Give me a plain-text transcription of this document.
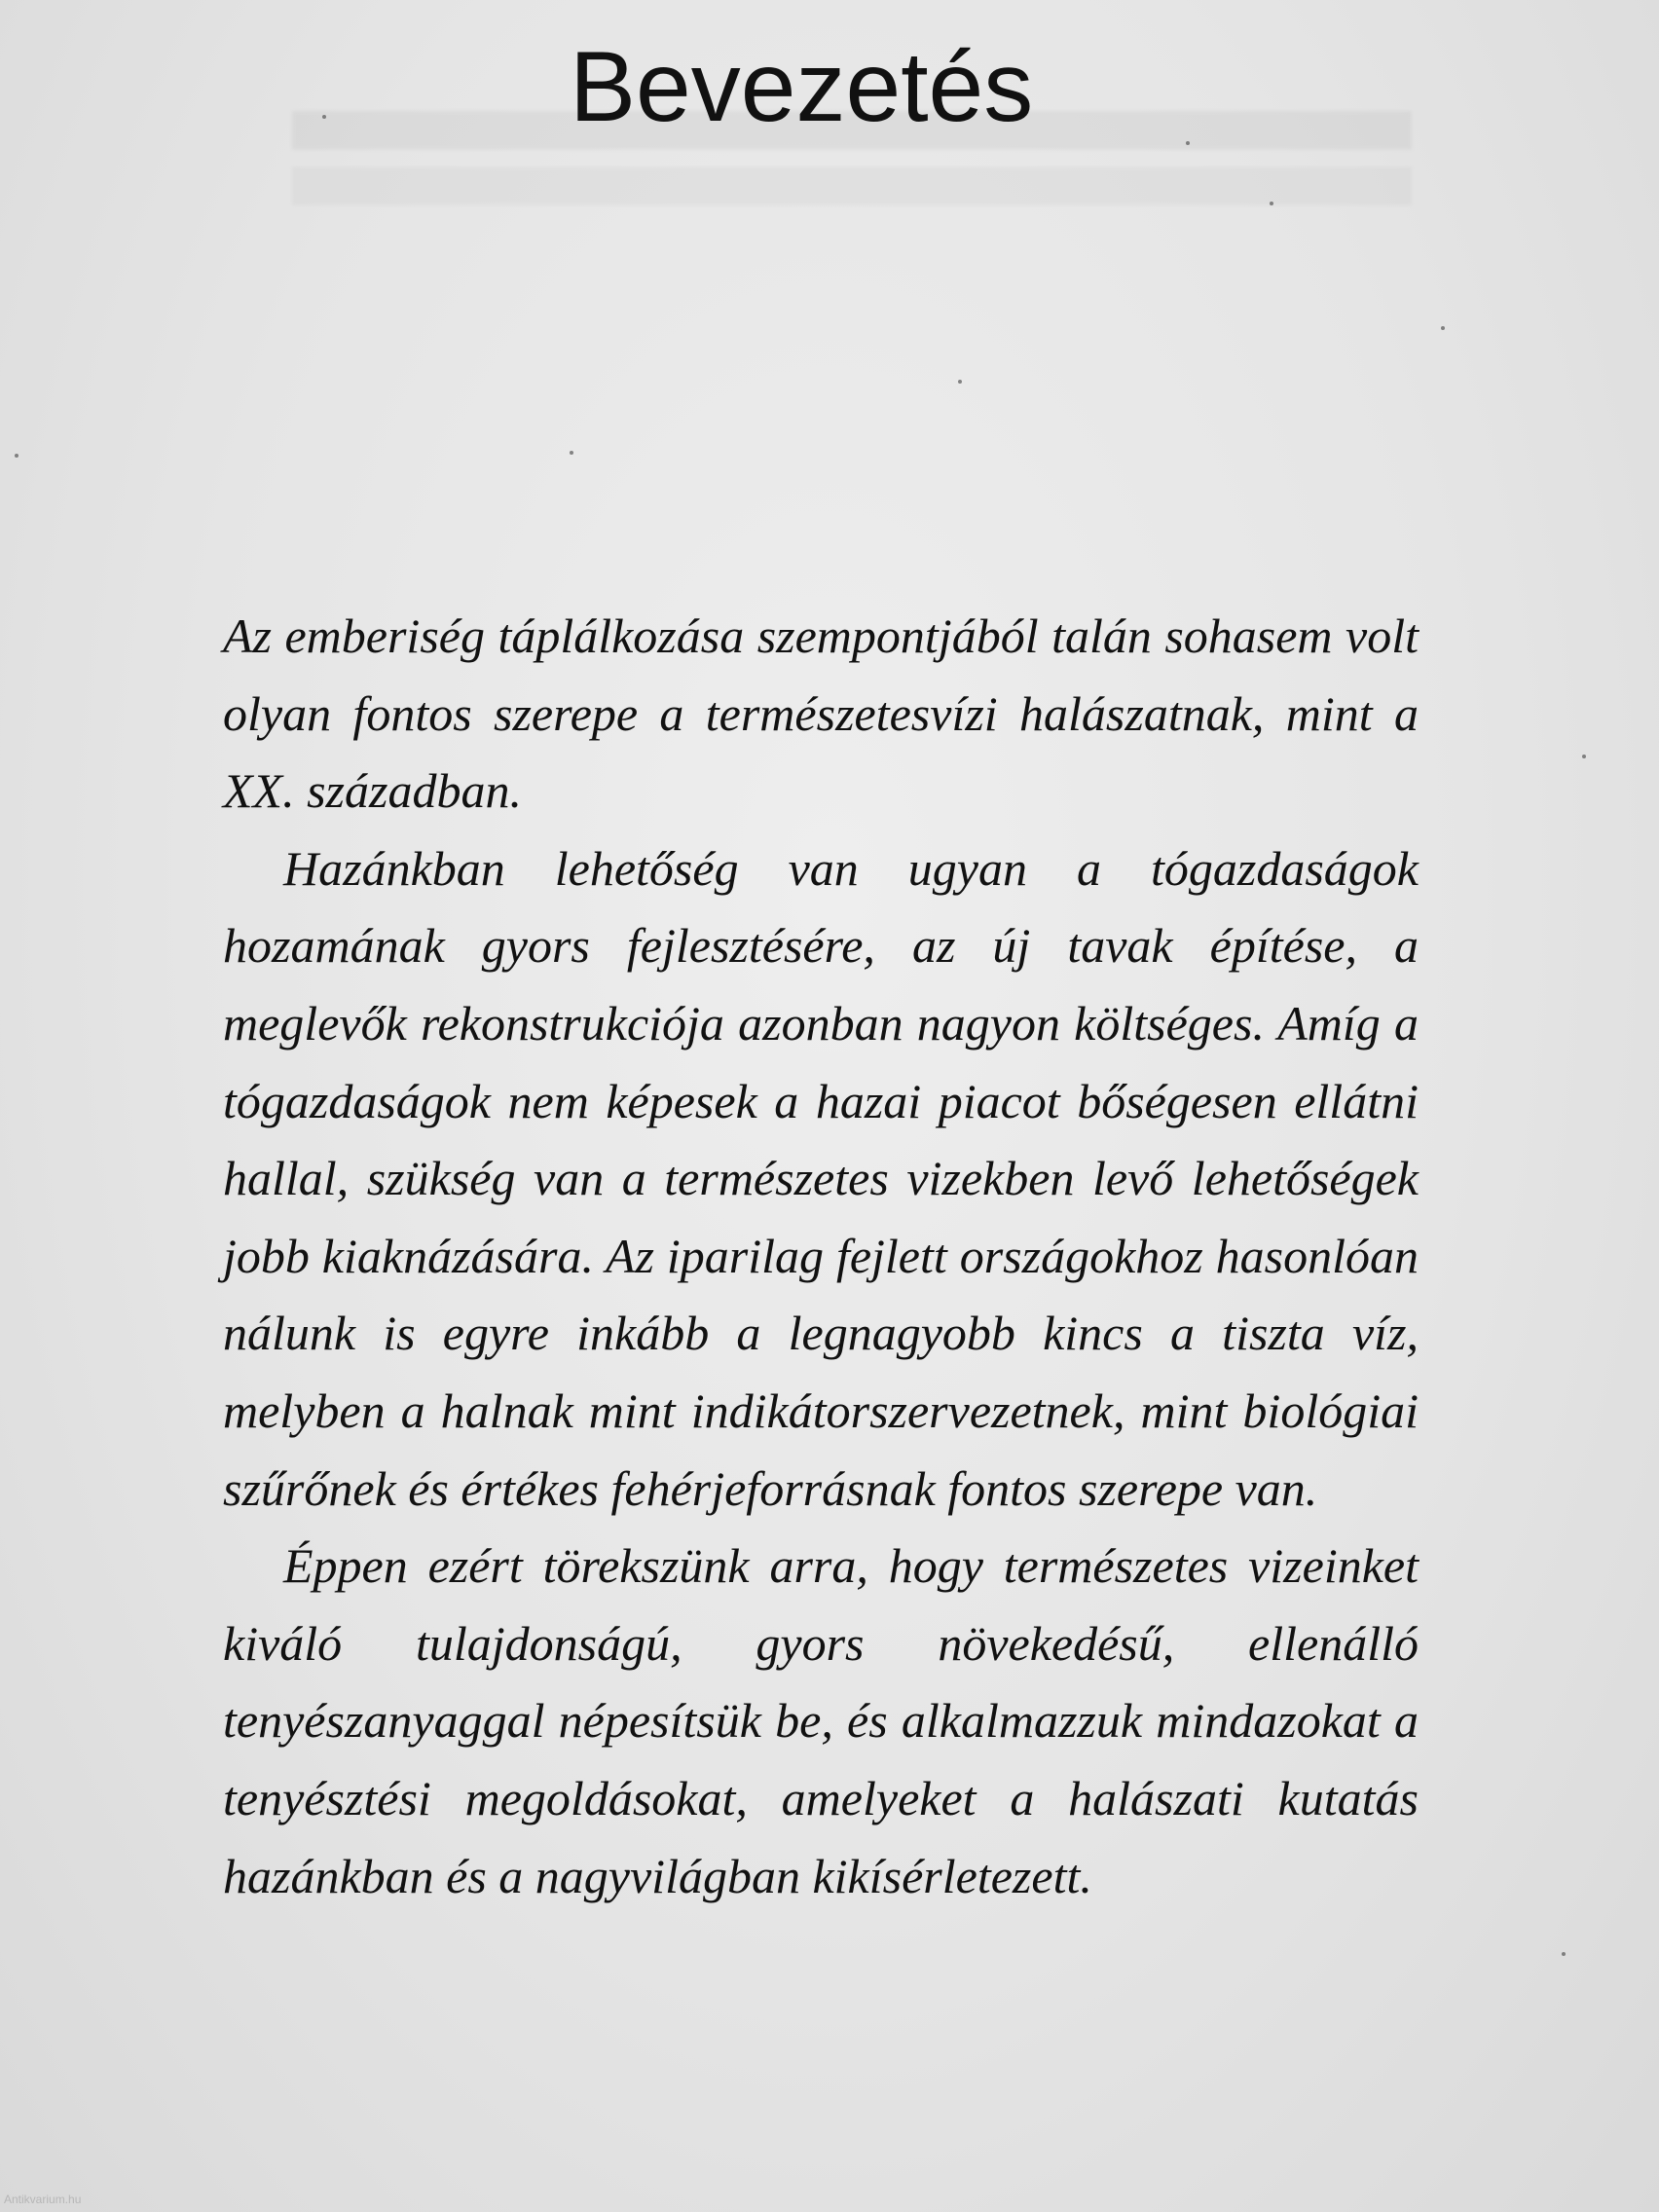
Bevezetés

Az emberiség táplálkozása szempontjából talán sohasem volt olyan fontos szerepe a természetesvízi halászatnak, mint a XX. században.

Hazánkban lehetőség van ugyan a tógazdaságok hozamának gyors fejlesztésére, az új tavak építése, a meglevők rekonstrukciója azonban nagyon költséges. Amíg a tógazdaságok nem képesek a hazai piacot bőségesen ellátni hallal, szükség van a természetes vizekben levő lehetőségek jobb kiaknázására. Az iparilag fejlett országokhoz hasonlóan nálunk is egyre inkább a legnagyobb kincs a tiszta víz, melyben a halnak mint indikátorszervezetnek, mint biológiai szűrőnek és értékes fehérjeforrásnak fontos szerepe van.

Éppen ezért törekszünk arra, hogy természetes vizeinket kiváló tulajdonságú, gyors növekedésű, ellenálló tenyészanyaggal népesítsük be, és alkalmazzuk mindazokat a tenyésztési megoldásokat, amelyeket a halászati kutatás hazánkban és a nagyvilágban kikísérletezett.

Antikvarium.hu
